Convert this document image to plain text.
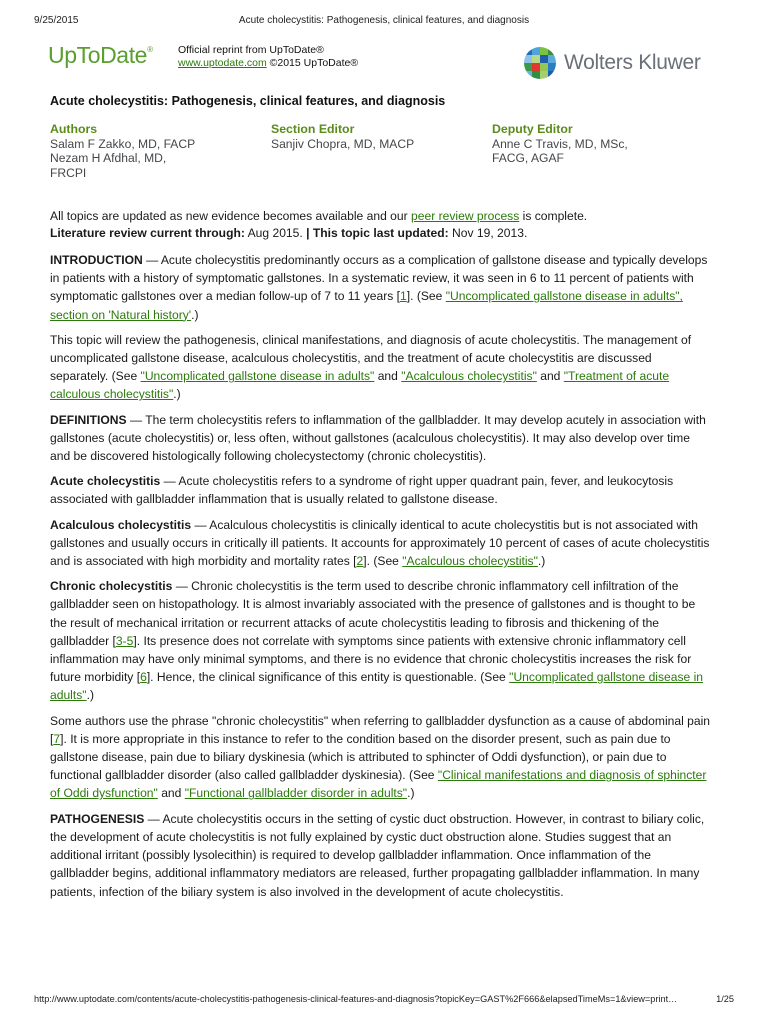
9/25/2015	Acute cholecystitis: Pathogenesis, clinical features, and diagnosis
UpToDate® Official reprint from UpToDate®
www.uptodate.com ©2015 UpToDate®	Wolters Kluwer
Acute cholecystitis: Pathogenesis, clinical features, and diagnosis
Authors
Salam F Zakko, MD, FACP
Nezam H Afdhal, MD,
FRCPI
Section Editor
Sanjiv Chopra, MD, MACP
Deputy Editor
Anne C Travis, MD, MSc,
FACG, AGAF
All topics are updated as new evidence becomes available and our peer review process is complete.
Literature review current through: Aug 2015. | This topic last updated: Nov 19, 2013.

INTRODUCTION — Acute cholecystitis predominantly occurs as a complication of gallstone disease and typically develops in patients with a history of symptomatic gallstones. In a systematic review, it was seen in 6 to 11 percent of patients with symptomatic gallstones over a median follow-up of 7 to 11 years [1]. (See "Uncomplicated gallstone disease in adults", section on 'Natural history'.)

This topic will review the pathogenesis, clinical manifestations, and diagnosis of acute cholecystitis. The management of uncomplicated gallstone disease, acalculous cholecystitis, and the treatment of acute cholecystitis are discussed separately. (See "Uncomplicated gallstone disease in adults" and "Acalculous cholecystitis" and "Treatment of acute calculous cholecystitis".)

DEFINITIONS — The term cholecystitis refers to inflammation of the gallbladder. It may develop acutely in association with gallstones (acute cholecystitis) or, less often, without gallstones (acalculous cholecystitis). It may also develop over time and be discovered histologically following cholecystectomy (chronic cholecystitis).

Acute cholecystitis — Acute cholecystitis refers to a syndrome of right upper quadrant pain, fever, and leukocytosis associated with gallbladder inflammation that is usually related to gallstone disease.

Acalculous cholecystitis — Acalculous cholecystitis is clinically identical to acute cholecystitis but is not associated with gallstones and usually occurs in critically ill patients. It accounts for approximately 10 percent of cases of acute cholecystitis and is associated with high morbidity and mortality rates [2]. (See "Acalculous cholecystitis".)

Chronic cholecystitis — Chronic cholecystitis is the term used to describe chronic inflammatory cell infiltration of the gallbladder seen on histopathology. It is almost invariably associated with the presence of gallstones and is thought to be the result of mechanical irritation or recurrent attacks of acute cholecystitis leading to fibrosis and thickening of the gallbladder [3-5]. Its presence does not correlate with symptoms since patients with extensive chronic inflammatory cell inflammation may have only minimal symptoms, and there is no evidence that chronic cholecystitis increases the risk for future morbidity [6]. Hence, the clinical significance of this entity is questionable. (See "Uncomplicated gallstone disease in adults".)

Some authors use the phrase "chronic cholecystitis" when referring to gallbladder dysfunction as a cause of abdominal pain [7]. It is more appropriate in this instance to refer to the condition based on the disorder present, such as pain due to gallstone disease, pain due to biliary dyskinesia (which is attributed to sphincter of Oddi dysfunction), or pain due to functional gallbladder disorder (also called gallbladder dyskinesia). (See "Clinical manifestations and diagnosis of sphincter of Oddi dysfunction" and "Functional gallbladder disorder in adults".)

PATHOGENESIS — Acute cholecystitis occurs in the setting of cystic duct obstruction. However, in contrast to biliary colic, the development of acute cholecystitis is not fully explained by cystic duct obstruction alone. Studies suggest that an additional irritant (possibly lysolecithin) is required to develop gallbladder inflammation. Once inflammation of the gallbladder begins, additional inflammatory mediators are released, further propagating gallbladder inflammation. In many patients, infection of the biliary system is also involved in the development of acute cholecystitis.

http://www.uptodate.com/contents/acute-cholecystitis-pathogenesis-clinical-features-and-diagnosis?topicKey=GAST%2F666&elapsedTimeMs=1&view=print…	1/25
